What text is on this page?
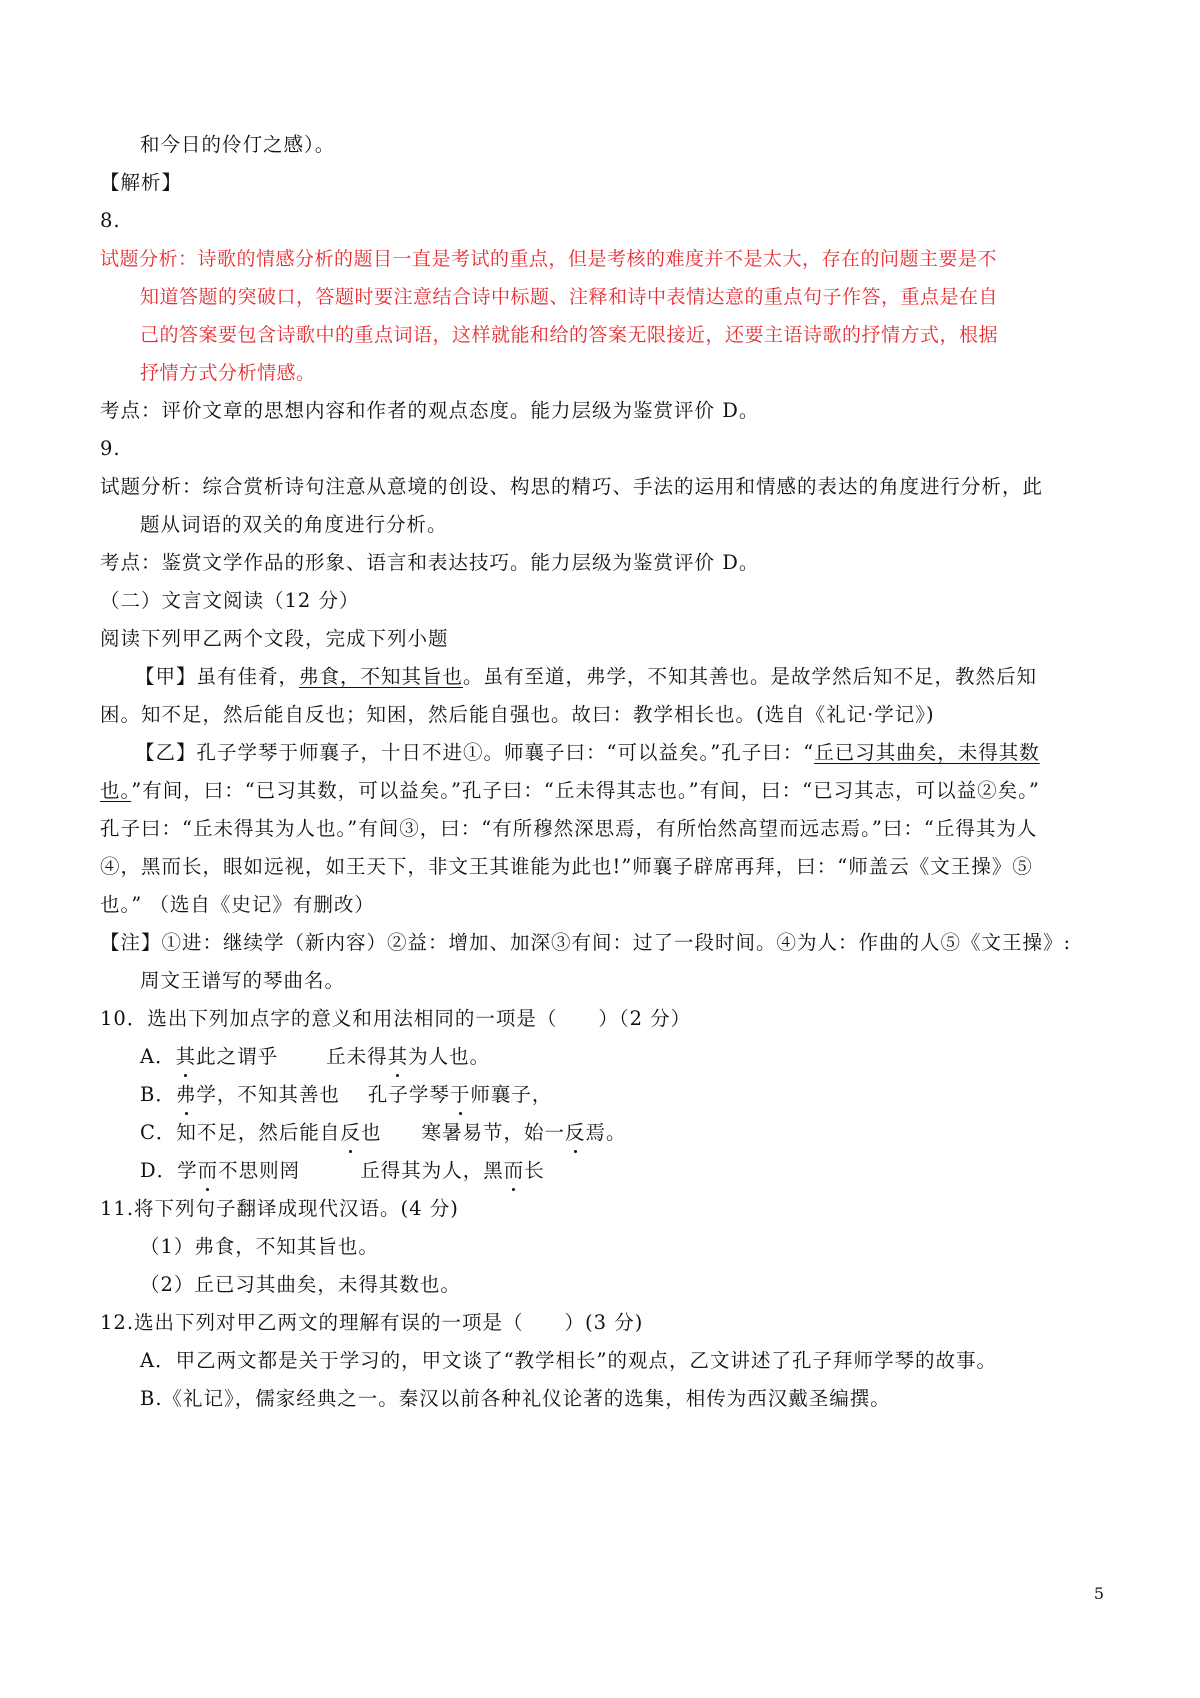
和今日的伶仃之感）。
【解析】
8.
试题分析：诗歌的情感分析的题目一直是考试的重点，但是考核的难度并不是太大，存在的问题主要是不
知道答题的突破口，答题时要注意结合诗中标题、注释和诗中表情达意的重点句子作答，重点是在自
己的答案要包含诗歌中的重点词语，这样就能和给的答案无限接近，还要主语诗歌的抒情方式，根据
抒情方式分析情感。
考点：评价文章的思想内容和作者的观点态度。能力层级为鉴赏评价 D。
9.
试题分析：综合赏析诗句注意从意境的创设、构思的精巧、手法的运用和情感的表达的角度进行分析，此
题从词语的双关的角度进行分析。
考点：鉴赏文学作品的形象、语言和表达技巧。能力层级为鉴赏评价 D。
（二）文言文阅读（12 分）
阅读下列甲乙两个文段，完成下列小题
【甲】虽有佳肴，弗食，不知其旨也。虽有至道，弗学，不知其善也。是故学然后知不足，教然后知
困。知不足，然后能自反也；知困，然后能自强也。故曰：教学相长也。(选自《礼记·学记》)
【乙】孔子学琴于师襄子，十日不进①。师襄子曰：“可以益矣。”孔子曰：“丘已习其曲矣，未得其数
也。”有间，曰：“已习其数，可以益矣。”孔子曰：“丘未得其志也。”有间，曰：“已习其志，可以益②矣。”
孔子曰：“丘未得其为人也。”有间③，曰：“有所穆然深思焉，有所怡然高望而远志焉。”曰：“丘得其为人
④，黑而长，眼如远视，如王天下，非文王其谁能为此也!”师襄子辟席再拜，曰：“师盖云《文王操》⑤
也。” （选自《史记》有删改）
【注】①进：继续学（新内容）②益：增加、加深③有间：过了一段时间。④为人：作曲的人⑤《文王操》:
周文王谱写的琴曲名。
10．选出下列加点字的意义和用法相同的一项是（　　）（2 分）
A．其此之谓乎 丘未得其为人也。
B．弗学，不知其善也 孔子学琴于师襄子，
C．知不足，然后能自反也 寒暑易节，始一反焉。
D．学而不思则罔	丘得其为人，黑而长
11.将下列句子翻译成现代汉语。(4 分)
（1）弗食，不知其旨也。
（2）丘已习其曲矣，未得其数也。
12.选出下列对甲乙两文的理解有误的一项是（　　）(3 分)
A．甲乙两文都是关于学习的，甲文谈了“教学相长”的观点，乙文讲述了孔子拜师学琴的故事。
B.《礼记》，儒家经典之一。秦汉以前各种礼仪论著的选集，相传为西汉戴圣编撰。
5
